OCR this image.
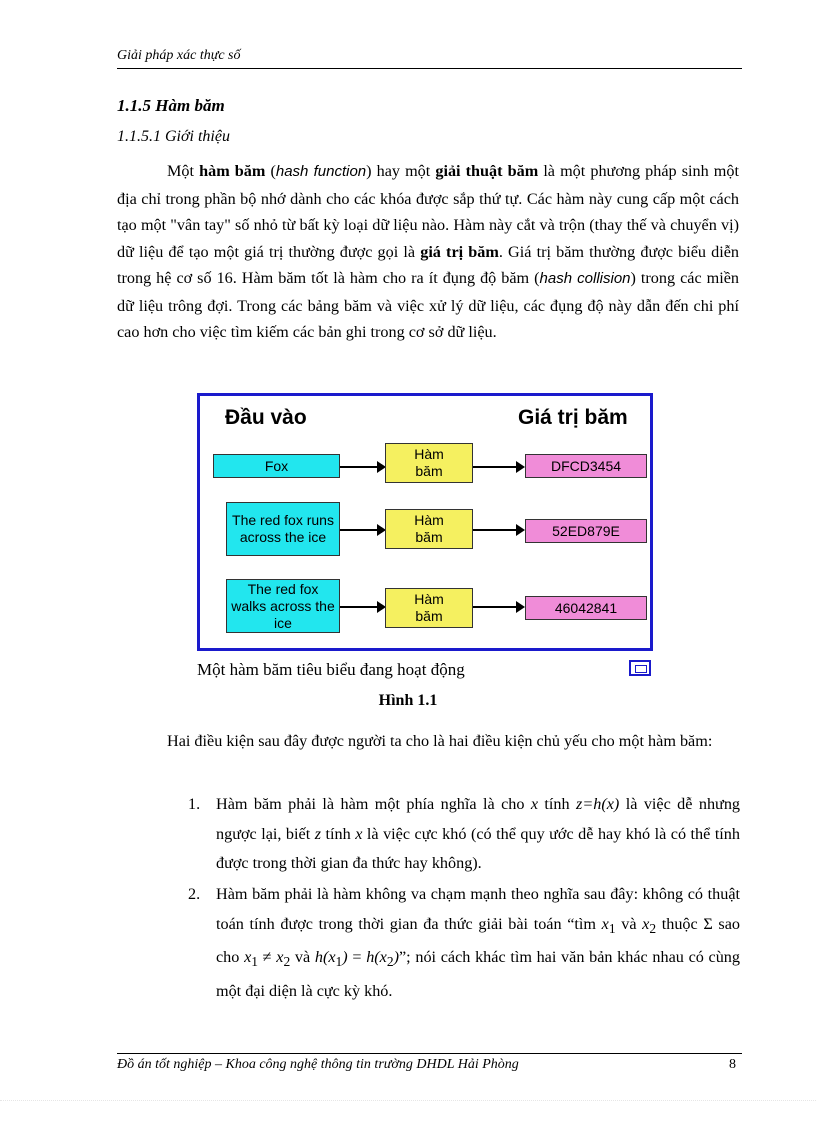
Giải pháp xác thực số
1.1.5 Hàm băm
1.1.5.1 Giới thiệu
Một hàm băm (hash function) hay một giải thuật băm là một phương pháp sinh một địa chỉ trong phần bộ nhớ dành cho các khóa được sắp thứ tự. Các hàm này cung cấp một cách tạo một "vân tay" số nhỏ từ bất kỳ loại dữ liệu nào. Hàm này cắt và trộn (thay thế và chuyển vị) dữ liệu để tạo một giá trị thường được gọi là giá trị băm. Giá trị băm thường được biểu diễn trong hệ cơ số 16. Hàm băm tốt là hàm cho ra ít đụng độ băm (hash collision) trong các miền dữ liệu trông đợi. Trong các bảng băm và việc xử lý dữ liệu, các đụng độ này dẫn đến chi phí cao hơn cho việc tìm kiếm các bản ghi trong cơ sở dữ liệu.
Đầu vào	Giá trị băm
Fox
Hàm băm	DFCD3454
The red fox runs across the ice
Hàm băm	52ED879E
The red fox walks across the ice
Hàm băm
46042841
Một hàm băm tiêu biểu đang hoạt động
Hình 1.1
Hai điều kiện sau đây được người ta cho là hai điều kiện chủ yếu cho một hàm băm:
1. Hàm băm phải là hàm một phía nghĩa là cho x tính z=h(x) là việc dễ nhưng ngược lại, biết z tính x là việc cực khó (có thể quy ước dễ hay khó là có thể tính được trong thời gian đa thức hay không).
2. Hàm băm phải là hàm không va chạm mạnh theo nghĩa sau đây: không có thuật toán tính được trong thời gian đa thức giải bài toán “tìm $x_1$ và $x_2$ thuộc Σ sao cho $x_1 \ne x_2$ và $h(x_1) = h(x_2)$”; nói cách khác tìm hai văn bản khác nhau có cùng một đại diện là cực kỳ khó.
Đồ án tốt nghiệp – Khoa công nghệ thông tin trường DHDL Hải Phòng	8
